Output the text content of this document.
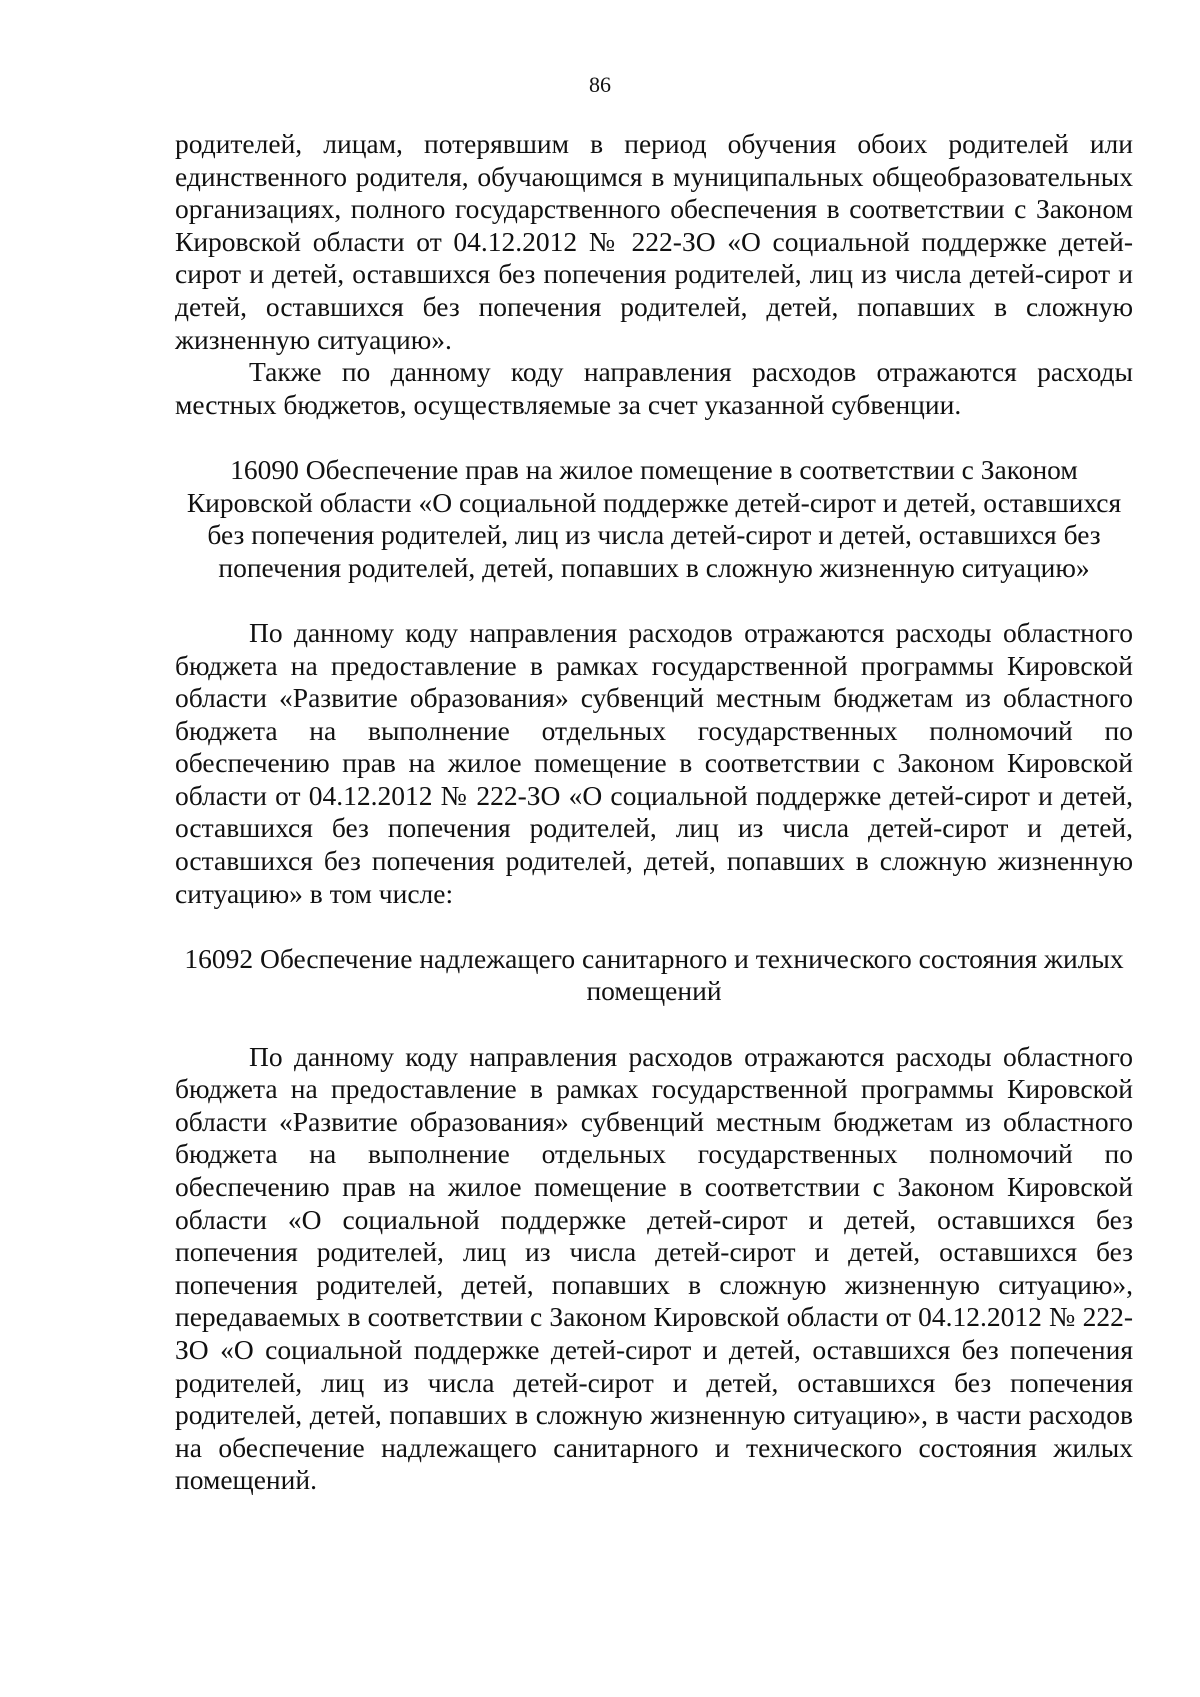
86

родителей, лицам, потерявшим в период обучения обоих родителей или единственного родителя, обучающимся в муниципальных общеобразовательных организациях, полного государственного обеспечения в соответствии с Законом Кировской области от 04.12.2012 № 222-ЗО «О социальной поддержке детей-сирот и детей, оставшихся без попечения родителей, лиц из числа детей-сирот и детей, оставшихся без попечения родителей, детей, попавших в сложную жизненную ситуацию».

Также по данному коду направления расходов отражаются расходы местных бюджетов, осуществляемые за счет указанной субвенции.

16090 Обеспечение прав на жилое помещение в соответствии с Законом Кировской области «О социальной поддержке детей-сирот и детей, оставшихся без попечения родителей, лиц из числа детей-сирот и детей, оставшихся без попечения родителей, детей, попавших в сложную жизненную ситуацию»

По данному коду направления расходов отражаются расходы областного бюджета на предоставление в рамках государственной программы Кировской области «Развитие образования» субвенций местным бюджетам из областного бюджета на выполнение отдельных государственных полномочий по обеспечению прав на жилое помещение в соответствии с Законом Кировской области от 04.12.2012 № 222-ЗО «О социальной поддержке детей-сирот и детей, оставшихся без попечения родителей, лиц из числа детей-сирот и детей, оставшихся без попечения родителей, детей, попавших в сложную жизненную ситуацию» в том числе:

16092 Обеспечение надлежащего санитарного и технического состояния жилых помещений

По данному коду направления расходов отражаются расходы областного бюджета на предоставление в рамках государственной программы Кировской области «Развитие образования» субвенций местным бюджетам из областного бюджета на выполнение отдельных государственных полномочий по обеспечению прав на жилое помещение в соответствии с Законом Кировской области «О социальной поддержке детей-сирот и детей, оставшихся без попечения родителей, лиц из числа детей-сирот и детей, оставшихся без попечения родителей, детей, попавших в сложную жизненную ситуацию», передаваемых в соответствии с Законом Кировской области от 04.12.2012 № 222-ЗО «О социальной поддержке детей-сирот и детей, оставшихся без попечения родителей, лиц из числа детей-сирот и детей, оставшихся без попечения родителей, детей, попавших в сложную жизненную ситуацию», в части расходов на обеспечение надлежащего санитарного и технического состояния жилых помещений.
